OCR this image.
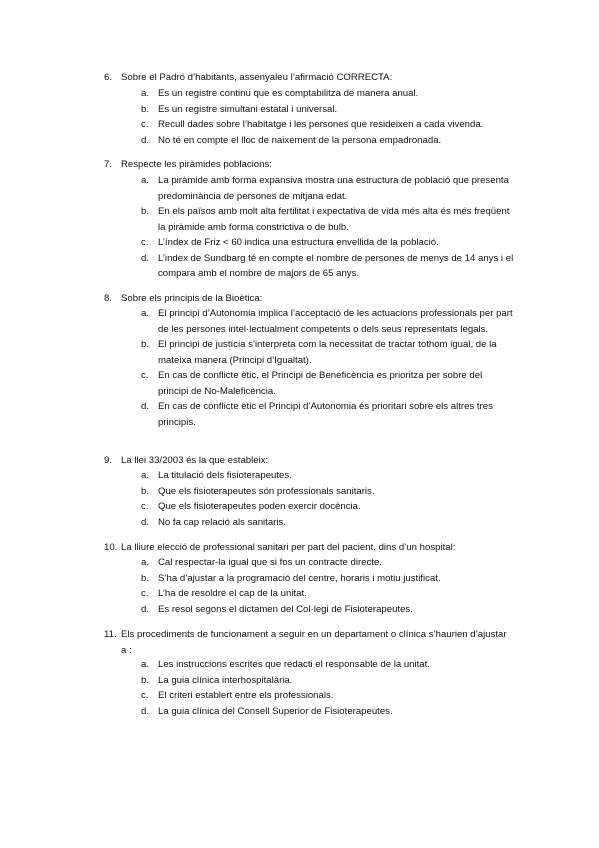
6. Sobre el Padró d’habitants, assenyaleu l’afirmació CORRECTA:
a. Es un registre continu que es comptabilitza de manera anual.
b. Es un registre simultani estatal i universal.
c. Recull dades sobre l’habitatge i les persones que resideixen a cada vivenda.
d. No té en compte el lloc de naixement de la persona empadronada.
7. Respecte les piràmides poblacions:
a. La piràmide amb forma expansiva mostra una estructura de població que presenta predominància de persones de mitjana edat.
b. En els països amb molt alta fertilitat i expectativa de vida més alta és més freqüent la piràmide amb forma constrictiva o de bulb.
c. L’índex de Friz < 60 indica una estructura envellida de la població.
d. L’index de Sundbarg té en compte el nombre de persones de menys de 14 anys i el compara amb el nombre de majors de 65 anys.
8. Sobre els principis de la Bioètica:
a. El principi d’Autonomia implica l’acceptació de les actuacions professionals per part de les persones intel·lectualment competents o dels seus representats legals.
b. El principi de justícia s’interpreta com la necessitat de tractar tothom igual, de la mateixa manera (Principi d’Igualtat).
c. En cas de conflicte ètic, el Principi de Beneficència es prioritza per sobre del principi de No-Maleficència.
d. En cas de conflicte ètic el Principi d’Autonomia és prioritari sobre els altres tres principis.
9. La llei 33/2003 és la que estableix:
a. La titulació dels fisioterapeutes.
b. Que els fisioterapeutes són professionals sanitaris.
c. Que els fisioterapeutes poden exercir docència.
d. No fa cap relació als sanitaris.
10. La lliure elecció de professional sanitari per part del pacient, dins d’un hospital:
a. Cal respectar-la igual que si fos un contracte directe.
b. S’ha d’ajustar a la programació del centre, horaris i motiu justificat.
c. L’ha de resoldre el cap de la unitat.
d. Es resol segons el dictamen del Col·legi de Fisioterapeutes.
11. Els procediments de funcionament a seguir en un departament o clínica s’haurien d’ajustar a :
a. Les instruccions escrites que redacti el responsable de la unitat.
b. La guia clínica interhospitalària.
c. El criteri establert entre els professionals.
d. La guia clínica del Consell Superior de Fisioterapeutes.
